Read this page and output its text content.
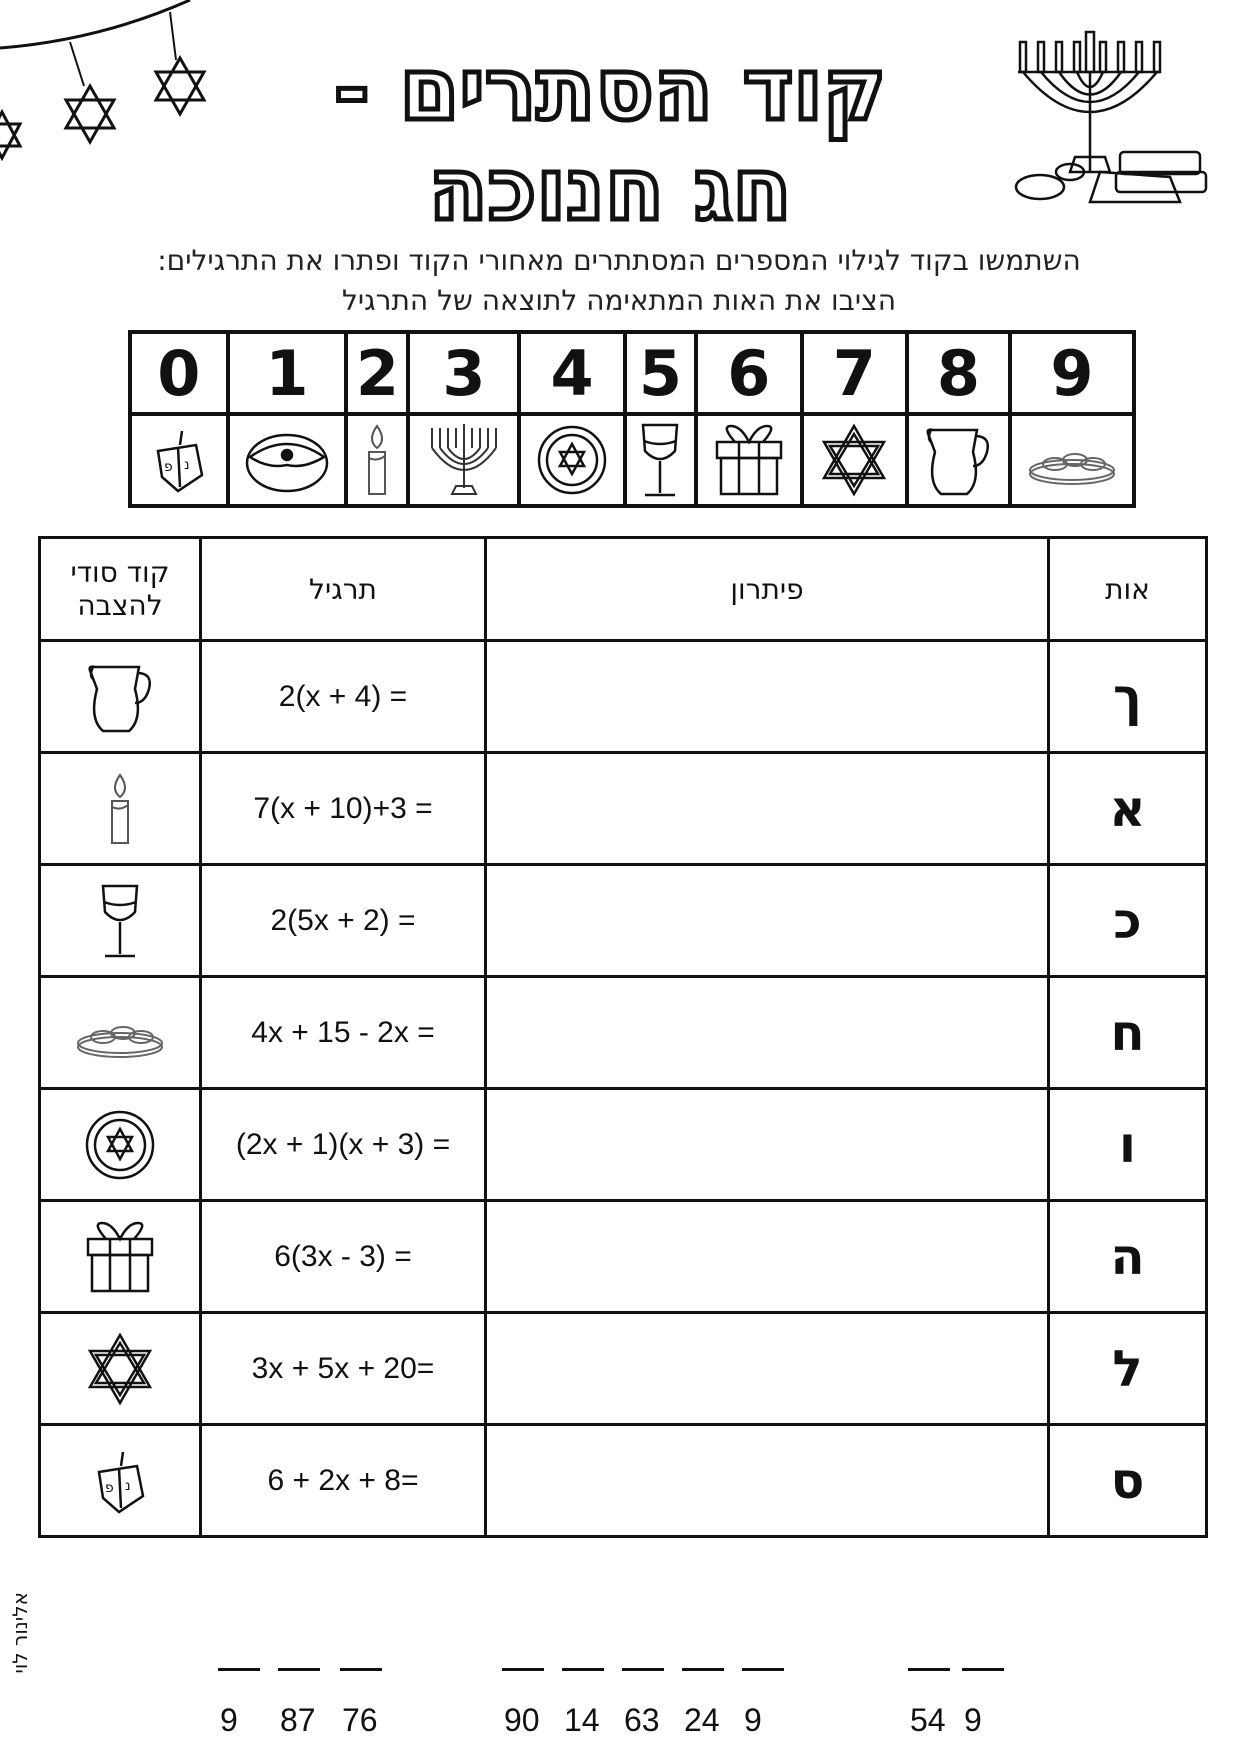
קוד הסתרים -
חג חנוכה
השתמשו בקוד לגילוי המספרים המסתתרים מאחורי הקוד ופתרו את התרגילים:
הציבו את האות המתאימה לתוצאה של התרגיל
0	1	2	3	4	5	6	7	8	9

פ נ

קוד סודי להצבה	תרגיל	פיתרון	אות

	2(x + 4) =		ך

	7(x + 10)+3 =		א

	2(5x + 2) =		כ

	4x + 15 - 2x =		ח

	(2x + 1)(x + 3) =		ו

	6(3x - 3) =		ה

	3x + 5x + 20=		ל

פ נ	6 + 2x + 8=		ס
9 87 76	90 14 63 24 9	54 9
אלינור לוי
